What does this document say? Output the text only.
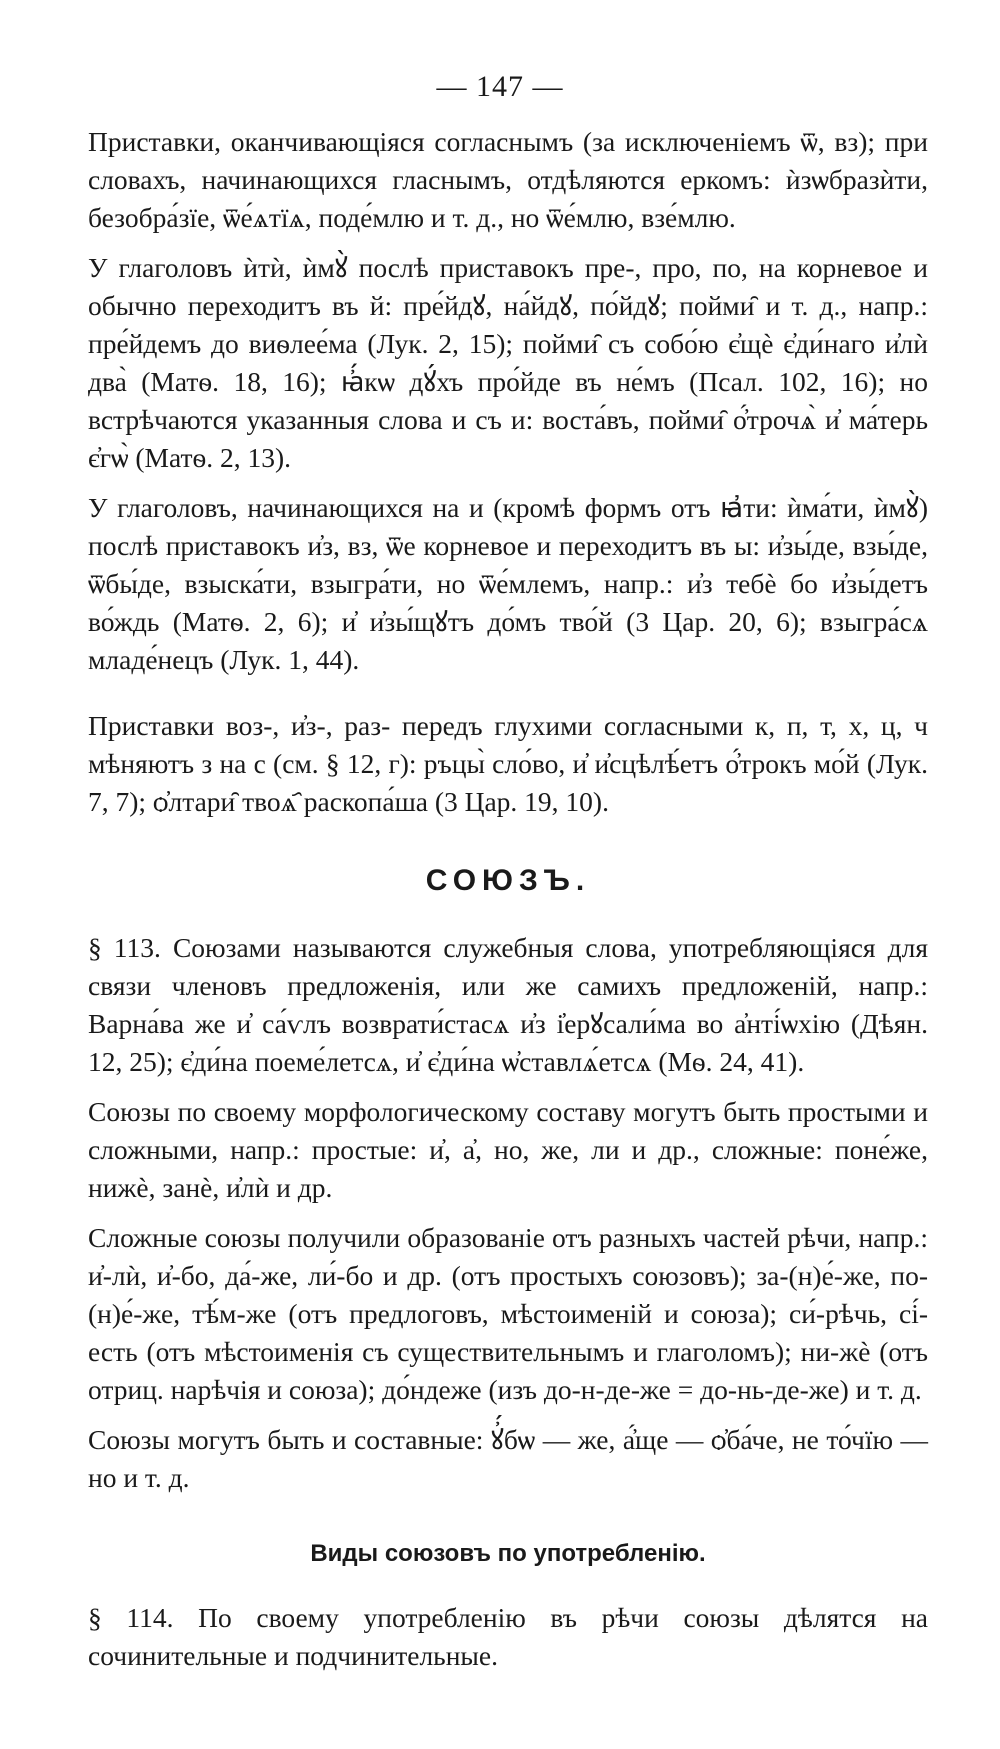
— 147 —

Приставки, оканчивающіяся согласнымъ (за исключеніемъ ѿ, вз); при словахъ, начинающихся гласнымъ, отдѣляются еркомъ: ѝзѡбразѝти, безобра́зїе, ѿе́ѧтїѧ, поде́млю и т. д., но ѿе́млю, взе́млю.

У глаголовъ ѝтѝ, ѝмꙋ̀ послѣ приставокъ пре-, про, по, на корневое и обычно переходитъ въ й: пре́йдꙋ, на́йдꙋ, по́йдꙋ; пойми̑ и т. д., напр.: пре́йдемъ до виѳлее́ма (Лук. 2, 15); пойми̑ съ собо́ю є҆щѐ є҆ди́наго и҆лѝ два̀ (Матѳ. 18, 16); ꙗ҆́кѡ дꙋ́хъ про́йде въ не́мъ (Псал. 102, 16); но встрѣчаются указанныя слова и съ и: воста́въ, пойми̑ о҆́трочѧ̀ и҆ ма́терь є҆гѡ̀ (Матѳ. 2, 13).

У глаголовъ, начинающихся на и (кромѣ формъ отъ ꙗ҆ти: ѝма́ти, ѝмꙋ̀) послѣ приставокъ и҆з, вз, ѿе корневое и переходитъ въ ы: и҆зы́де, взы́де, ѿбы́де, взыска́ти, взыгра́ти, но ѿе́млемъ, напр.: и҆з тебѐ бо и҆зы́детъ во́ждь (Матѳ. 2, 6); и҆ и҆зы́щꙋтъ до́мъ тво́й (3 Цар. 20, 6); взыгра́сѧ младе́нецъ (Лук. 1, 44).

Приставки воз-, и҆з-, раз- передъ глухими согласными к, п, т, х, ц, ч мѣняютъ з на с (см. § 12, г): ръцы̀ сло́во, и҆ и҆сцѣлѣ́етъ о҆́трокъ мо́й (Лук. 7, 7); ѻ҆лтари̑ твоѧ҄ раскопа́ша (3 Цар. 19, 10).

СОЮЗЪ.

§ 113. Союзами называются служебныя слова, употребляющіяся для связи членовъ предложенія, или же самихъ предложеній, напр.: Варна́ва же и҆ са́ѵлъ возврати́стасѧ и҆з і҆ерꙋсали́ма во а҆нті́ѡхію (Дѣян. 12, 25); є҆ди́на поеме́летсѧ, и҆ є҆ди́на ѡ҆ставлѧ́етсѧ (Мѳ. 24, 41).

Союзы по своему морфологическому составу могутъ быть простыми и сложными, напр.: простые: и҆, а҆, но, же, ли и др., сложные: поне́же, нижѐ, занѐ, и҆лѝ и др.

Сложные союзы получили образованіе отъ разныхъ частей рѣчи, напр.: и҆-лѝ, и҆-бо, да́-же, ли́-бо и др. (отъ простыхъ союзовъ); за-(н)е́-же, по-(н)е́-же, тѣ́м-же (отъ предлоговъ, мѣстоименій и союза); си́-рѣчь, сі́-есть (отъ мѣстоименія съ существительнымъ и глаголомъ); ни-жѐ (отъ отриц. нарѣчія и союза); до́ндеже (изъ до-н-де-же = до-нь-де-же) и т. д.

Союзы могутъ быть и составные: ꙋ҆́бѡ — же, а҆́ще — ѻ҆ба́че, не то́чїю — но и т. д.

Виды союзовъ по употребленію.

§ 114. По своему употребленію въ рѣчи союзы дѣлятся на сочинительные и подчинительные.
